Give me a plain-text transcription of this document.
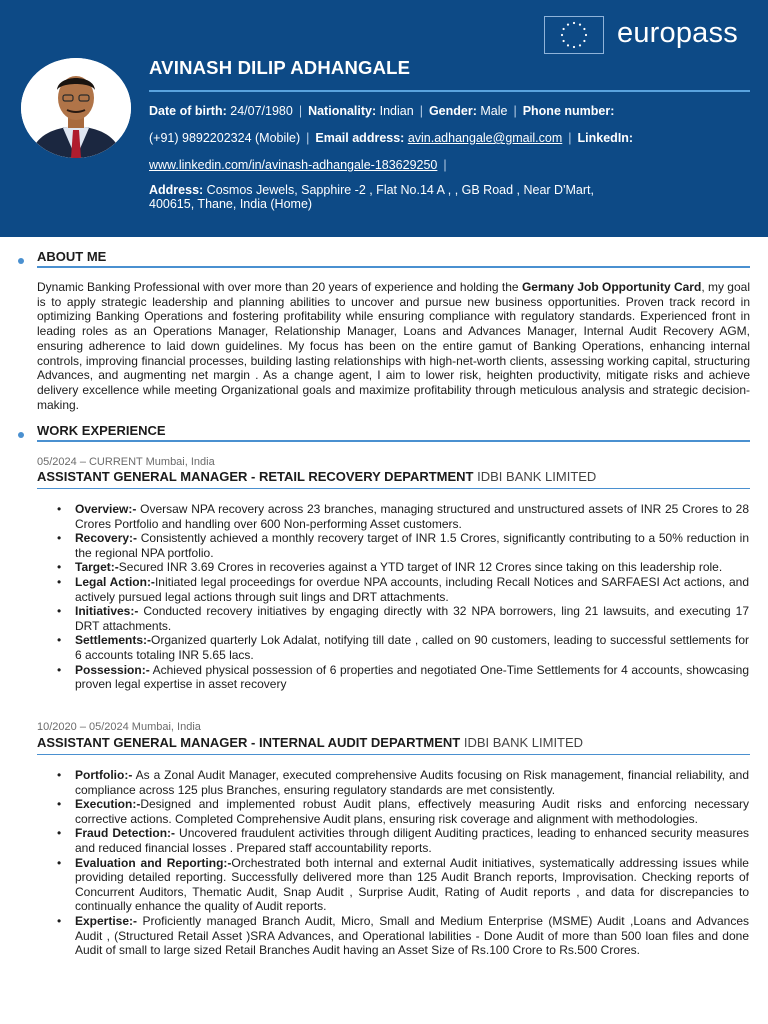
AVINASH DILIP ADHANGALE
europass
Date of birth: 24/07/1980 | Nationality: Indian | Gender: Male | Phone number:
(+91) 9892202324 (Mobile) | Email address: avin.adhangale@gmail.com | LinkedIn:
www.linkedin.com/in/avinash-adhangale-183629250 |
Address: Cosmos Jewels, Sapphire -2 , Flat No.14 A , , GB Road , Near D'Mart,
400615, Thane, India (Home)
ABOUT ME
Dynamic Banking Professional with over more than 20 years of experience and holding the Germany Job Opportunity Card, my goal is to apply strategic leadership and planning abilities to uncover and pursue new business opportunities. Proven track record in optimizing Banking Operations and fostering profitability while ensuring compliance with regulatory standards. Experienced front in leading roles as an Operations Manager, Relationship Manager, Loans and Advances Manager, Internal Audit Recovery AGM, ensuring adherence to laid down guidelines. My focus has been on the entire gamut of Banking Operations, enhancing internal controls, improving financial processes, building lasting relationships with high-net-worth clients, assessing working capital, structuring Advances, and augmenting net margin . As a change agent, I aim to lower risk, heighten productivity, mitigate risks and achieve delivery excellence while meeting Organizational goals and maximize profitability through meticulous analysis and strategic decision-making.
WORK EXPERIENCE
05/2024 – CURRENT Mumbai, India
ASSISTANT GENERAL MANAGER - RETAIL RECOVERY DEPARTMENT IDBI BANK LIMITED
• Overview:- Oversaw NPA recovery across 23 branches, managing structured and unstructured assets of INR 25 Crores to 28 Crores Portfolio and handling over 600 Non-performing Asset customers.
• Recovery:- Consistently achieved a monthly recovery target of INR 1.5 Crores, significantly contributing to a 50% reduction in the regional NPA portfolio.
• Target:-Secured INR 3.69 Crores in recoveries against a YTD target of INR 12 Crores since taking on this leadership role.
• Legal Action:-Initiated legal proceedings for overdue NPA accounts, including Recall Notices and SARFAESI Act actions, and actively pursued legal actions through suit lings and DRT attachments.
• Initiatives:- Conducted recovery initiatives by engaging directly with 32 NPA borrowers, ling 21 lawsuits, and executing 17 DRT attachments.
• Settlements:-Organized quarterly Lok Adalat, notifying till date , called on 90 customers, leading to successful settlements for 6 accounts totaling INR 5.65 lacs.
• Possession:- Achieved physical possession of 6 properties and negotiated One-Time Settlements for 4 accounts, showcasing proven legal expertise in asset recovery
10/2020 – 05/2024 Mumbai, India
ASSISTANT GENERAL MANAGER - INTERNAL AUDIT DEPARTMENT IDBI BANK LIMITED
• Portfolio:- As a Zonal Audit Manager, executed comprehensive Audits focusing on Risk management, financial reliability, and compliance across 125 plus Branches, ensuring regulatory standards are met consistently.
• Execution:-Designed and implemented robust Audit plans, effectively measuring Audit risks and enforcing necessary corrective actions. Completed Comprehensive Audit plans, ensuring risk coverage and alignment with methodologies.
• Fraud Detection:- Uncovered fraudulent activities through diligent Auditing practices, leading to enhanced security measures and reduced financial losses . Prepared staff accountability reports.
• Evaluation and Reporting:-Orchestrated both internal and external Audit initiatives, systematically addressing issues while providing detailed reporting. Successfully delivered more than 125 Audit Branch reports, Improvisation. Checking reports of Concurrent Auditors, Thematic Audit, Snap Audit , Surprise Audit, Rating of Audit reports , and data for discrepancies to continually enhance the quality of Audit reports.
• Expertise:- Proficiently managed Branch Audit, Micro, Small and Medium Enterprise (MSME) Audit ,Loans and Advances Audit , (Structured Retail Asset )SRA Advances, and Operational labilities - Done Audit of more than 500 loan files and done Audit of small to large sized Retail Branches Audit having an Asset Size of Rs.100 Crore to Rs.500 Crores.
